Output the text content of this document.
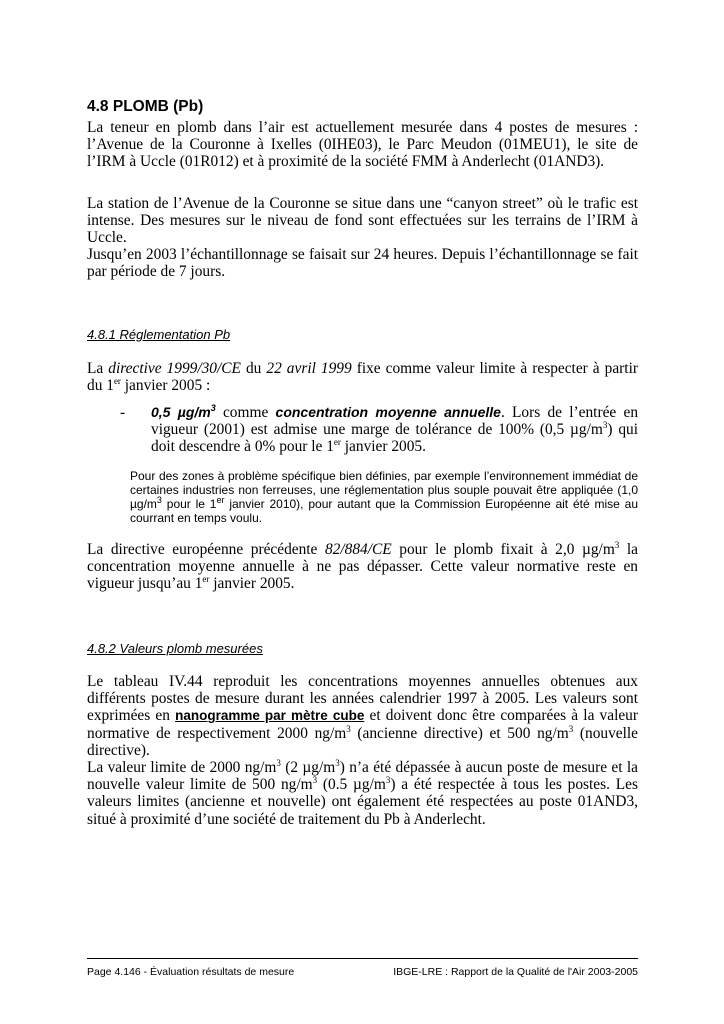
4.8 PLOMB (Pb)

La teneur en plomb dans l’air est actuellement mesurée dans 4 postes de mesures : l’Avenue de la Couronne à Ixelles (0IHE03), le Parc Meudon (01MEU1), le site de l’IRM à Uccle (01R012) et à proximité de la société FMM à Anderlecht (01AND3).

La station de l’Avenue de la Couronne se situe dans une “canyon street” où le trafic est intense. Des mesures sur le niveau de fond sont effectuées sur les terrains de l’IRM à Uccle.

Jusqu’en 2003 l’échantillonnage se faisait sur 24 heures. Depuis l’échantillonnage se fait par période de 7 jours.

4.8.1 Réglementation Pb

La directive 1999/30/CE du 22 avril 1999 fixe comme valeur limite à respecter à partir du 1er janvier 2005 :

- 0,5 $\mu g/m^3$ comme concentration moyenne annuelle. Lors de l’entrée en vigueur (2001) est admise une marge de tolérance de 100% (0,5 $\mu g/m^3$) qui doit descendre à 0% pour le 1er janvier 2005.

Pour des zones à problème spécifique bien définies, par exemple l’environnement immédiat de certaines industries non ferreuses, une réglementation plus souple pouvait être appliquée (1,0 $\mu g/m^3$ pour le 1er janvier 2010), pour autant que la Commission Européenne ait été mise au courrant en temps voulu.

La directive européenne précédente 82/884/CE pour le plomb fixait à 2,0 $\mu g/m^3$ la concentration moyenne annuelle à ne pas dépasser. Cette valeur normative reste en vigueur jusqu’au 1er janvier 2005.

4.8.2 Valeurs plomb mesurées

Le tableau IV.44 reproduit les concentrations moyennes annuelles obtenues aux différents postes de mesure durant les années calendrier 1997 à 2005. Les valeurs sont exprimées en nanogramme par mètre cube et doivent donc être comparées à la valeur normative de respectivement 2000 $ng/m^3$ (ancienne directive) et 500 $ng/m^3$ (nouvelle directive).

La valeur limite de 2000 $ng/m^3$ (2 $\mu g/m^3$) n’a été dépassée à aucun poste de mesure et la nouvelle valeur limite de 500 $ng/m^3$ (0.5 $\mu g/m^3$) a été respectée à tous les postes. Les valeurs limites (ancienne et nouvelle) ont également été respectées au poste 01AND3, situé à proximité d’une société de traitement du Pb à Anderlecht.

Page 4.146 - Évaluation résultats de mesure	IBGE-LRE : Rapport de la Qualité de l'Air 2003-2005
